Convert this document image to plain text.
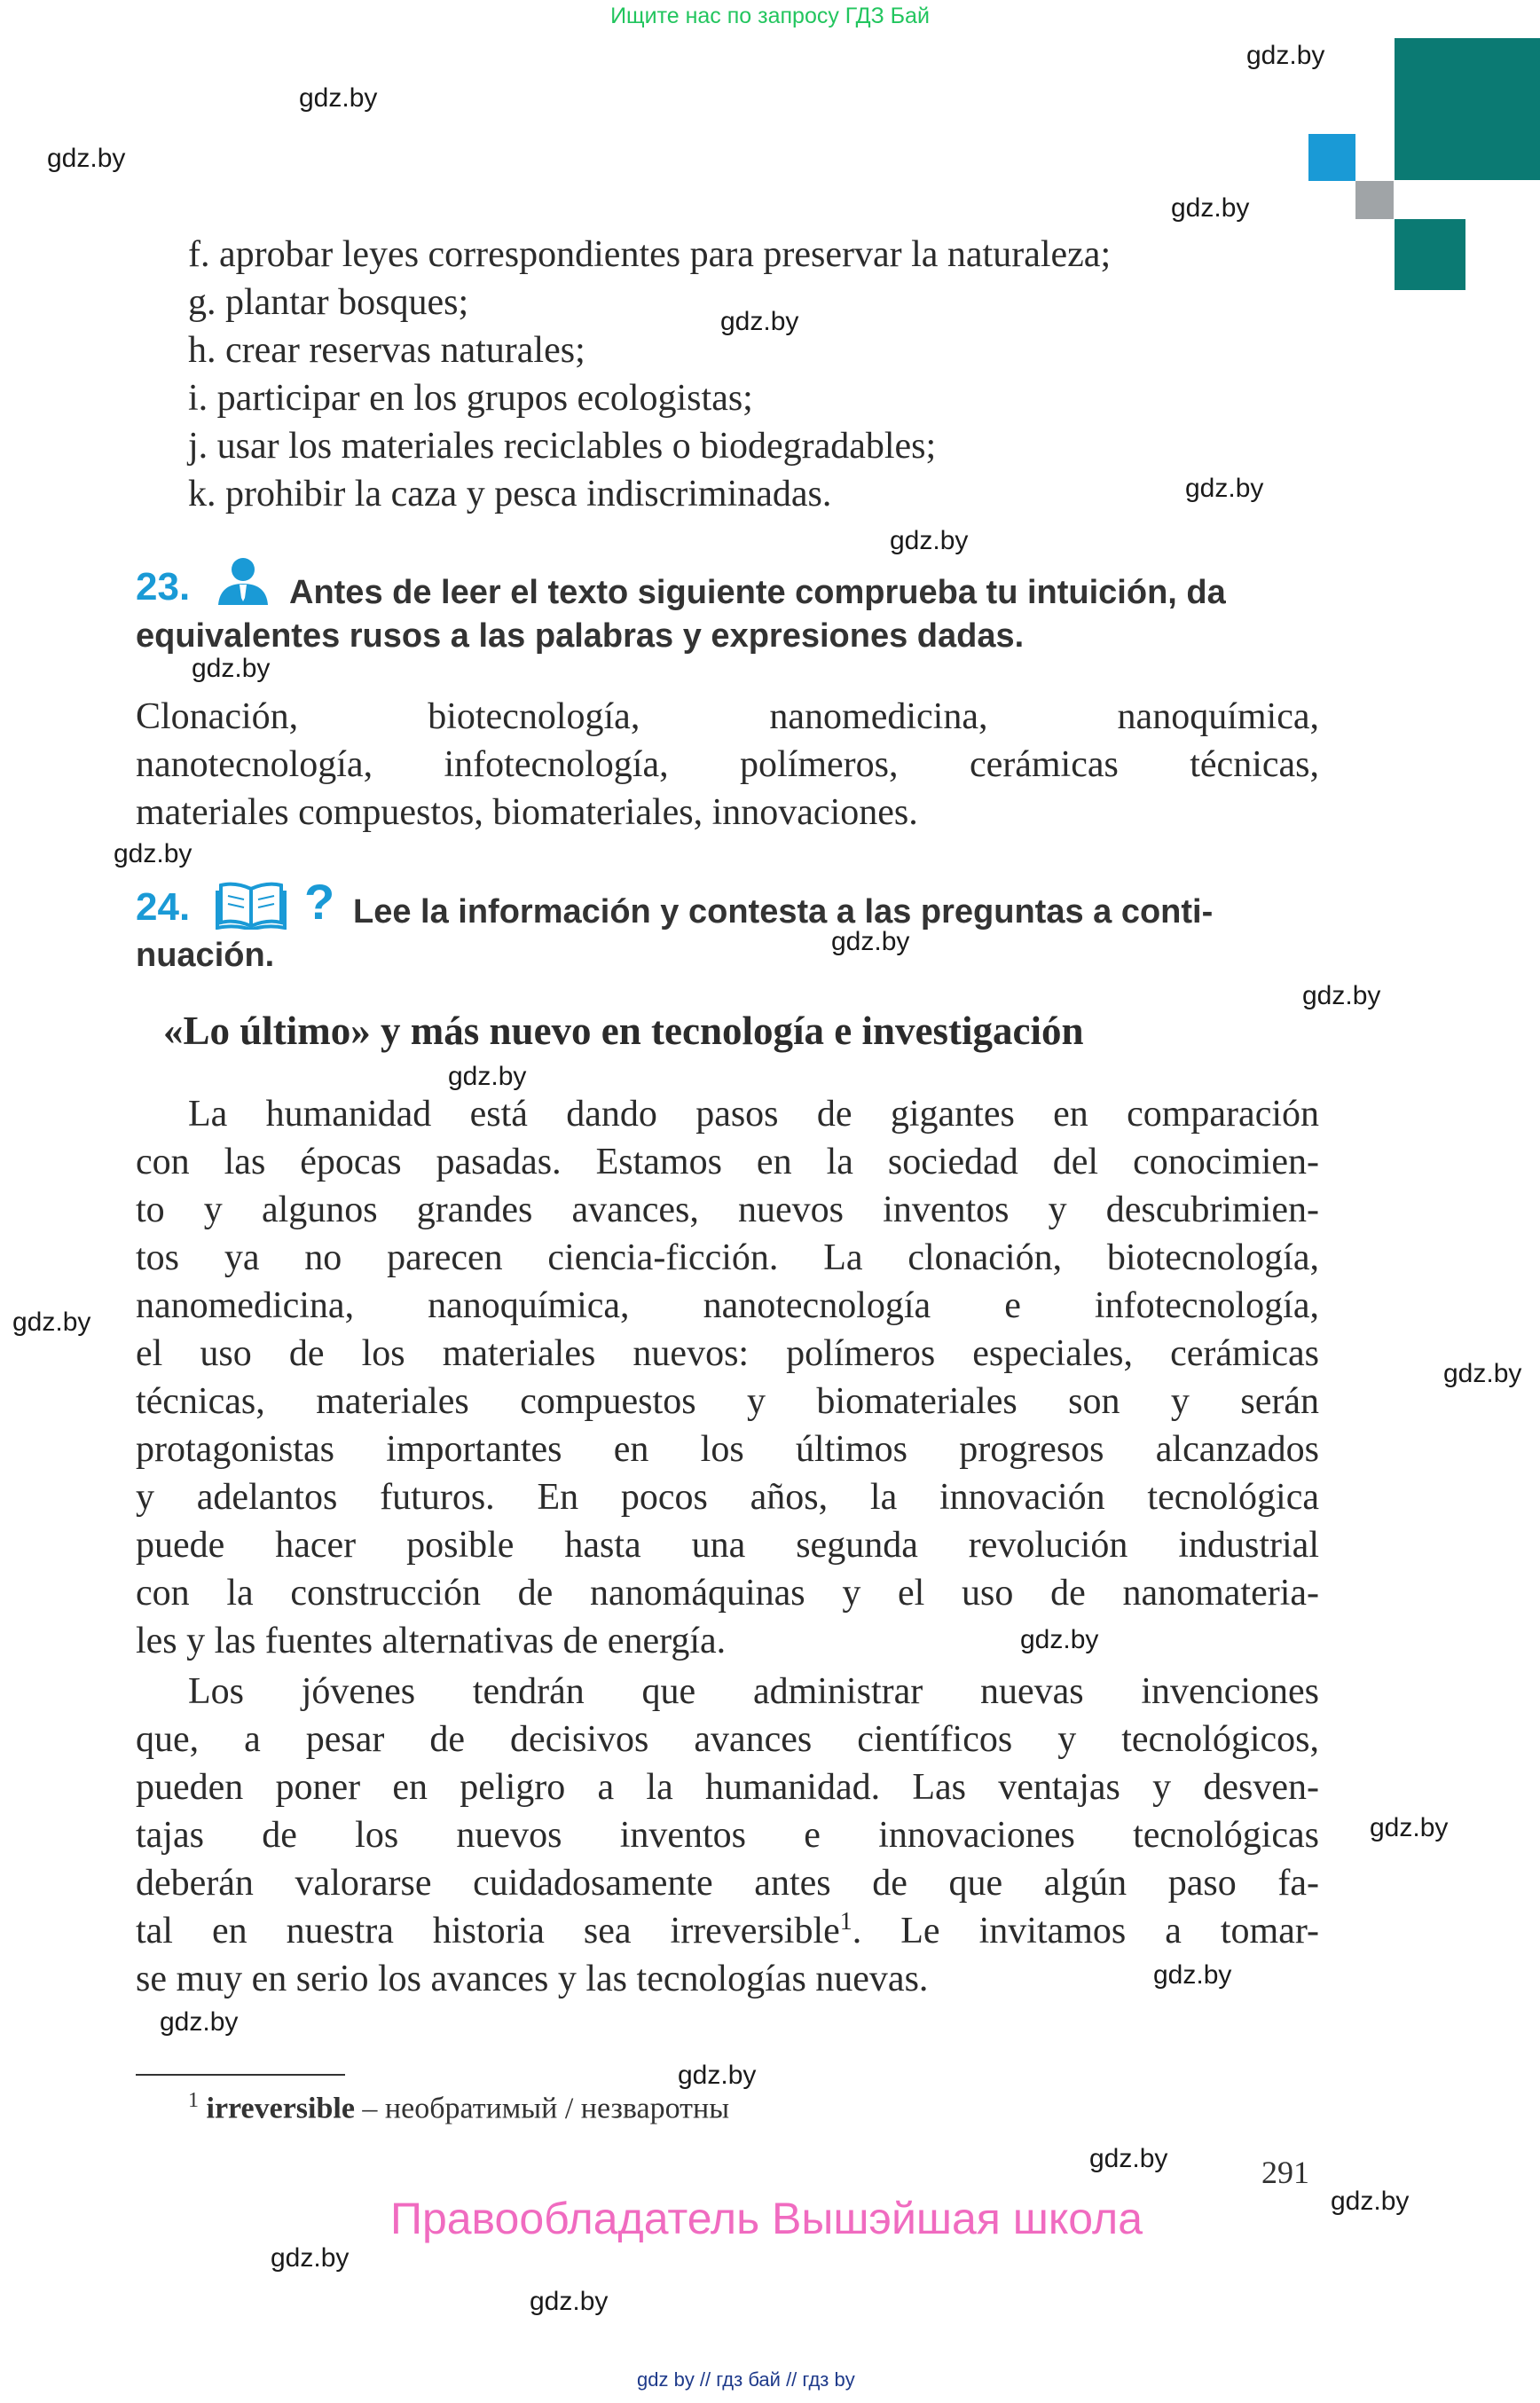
Ищите нас по запросу ГДЗ Бай
gdz.by
gdz.by
gdz.by
gdz.by
gdz.by
gdz.by
gdz.by
gdz.by
gdz.by
gdz.by
gdz.by
gdz.by
gdz.by
gdz.by
gdz.by
gdz.by
gdz.by
gdz.by
gdz.by
gdz.by
gdz.by
gdz.by
gdz.by
f. aprobar leyes correspondientes para preservar la naturaleza;
g. plantar bosques;
h. crear reservas naturales;
i. participar en los grupos ecologistas;
j. usar los materiales reciclables o biodegradables;
k. prohibir la caza y pesca indiscriminadas.
23.	Antes de leer el texto siguiente comprueba tu intuición, da
equivalentes rusos a las palabras y expresiones dadas.
Clonación, biotecnología, nanomedicina, nanoquímica,
nanotecnología, infotecnología, polímeros, cerámicas técnicas,
materiales compuestos, biomateriales, innovaciones.
24. ? Lee la información y contesta a las preguntas a conti-
nuación.
«Lo último» y más nuevo en tecnología e investigación
La humanidad está dando pasos de gigantes en comparación
con las épocas pasadas. Estamos en la sociedad del conocimien-
to y algunos grandes avances, nuevos inventos y descubrimien-
tos ya no parecen ciencia-ficción. La clonación, biotecnología,
nanomedicina, nanoquímica, nanotecnología e infotecnología,
el uso de los materiales nuevos: polímeros especiales, cerámicas
técnicas, materiales compuestos y biomateriales son y serán
protagonistas importantes en los últimos progresos alcanzados
y adelantos futuros. En pocos años, la innovación tecnológica
puede hacer posible hasta una segunda revolución industrial
con la construcción de nanomáquinas y el uso de nanomateria-
les y las fuentes alternativas de energía.
Los jóvenes tendrán que administrar nuevas invenciones
que, a pesar de decisivos avances científicos y tecnológicos,
pueden poner en peligro a la humanidad. Las ventajas y desven-
tajas de los nuevos inventos e innovaciones tecnológicas
deberán valorarse cuidadosamente antes de que algún paso fa-
tal en nuestra historia sea irreversible$^1$. Le invitamos a tomar-
se muy en serio los avances y las tecnologías nuevas.
$^1$ irreversible – необратимый / незваротны
291
Правообладатель Вышэйшая школа
gdz by // гдз бай // гдз by
